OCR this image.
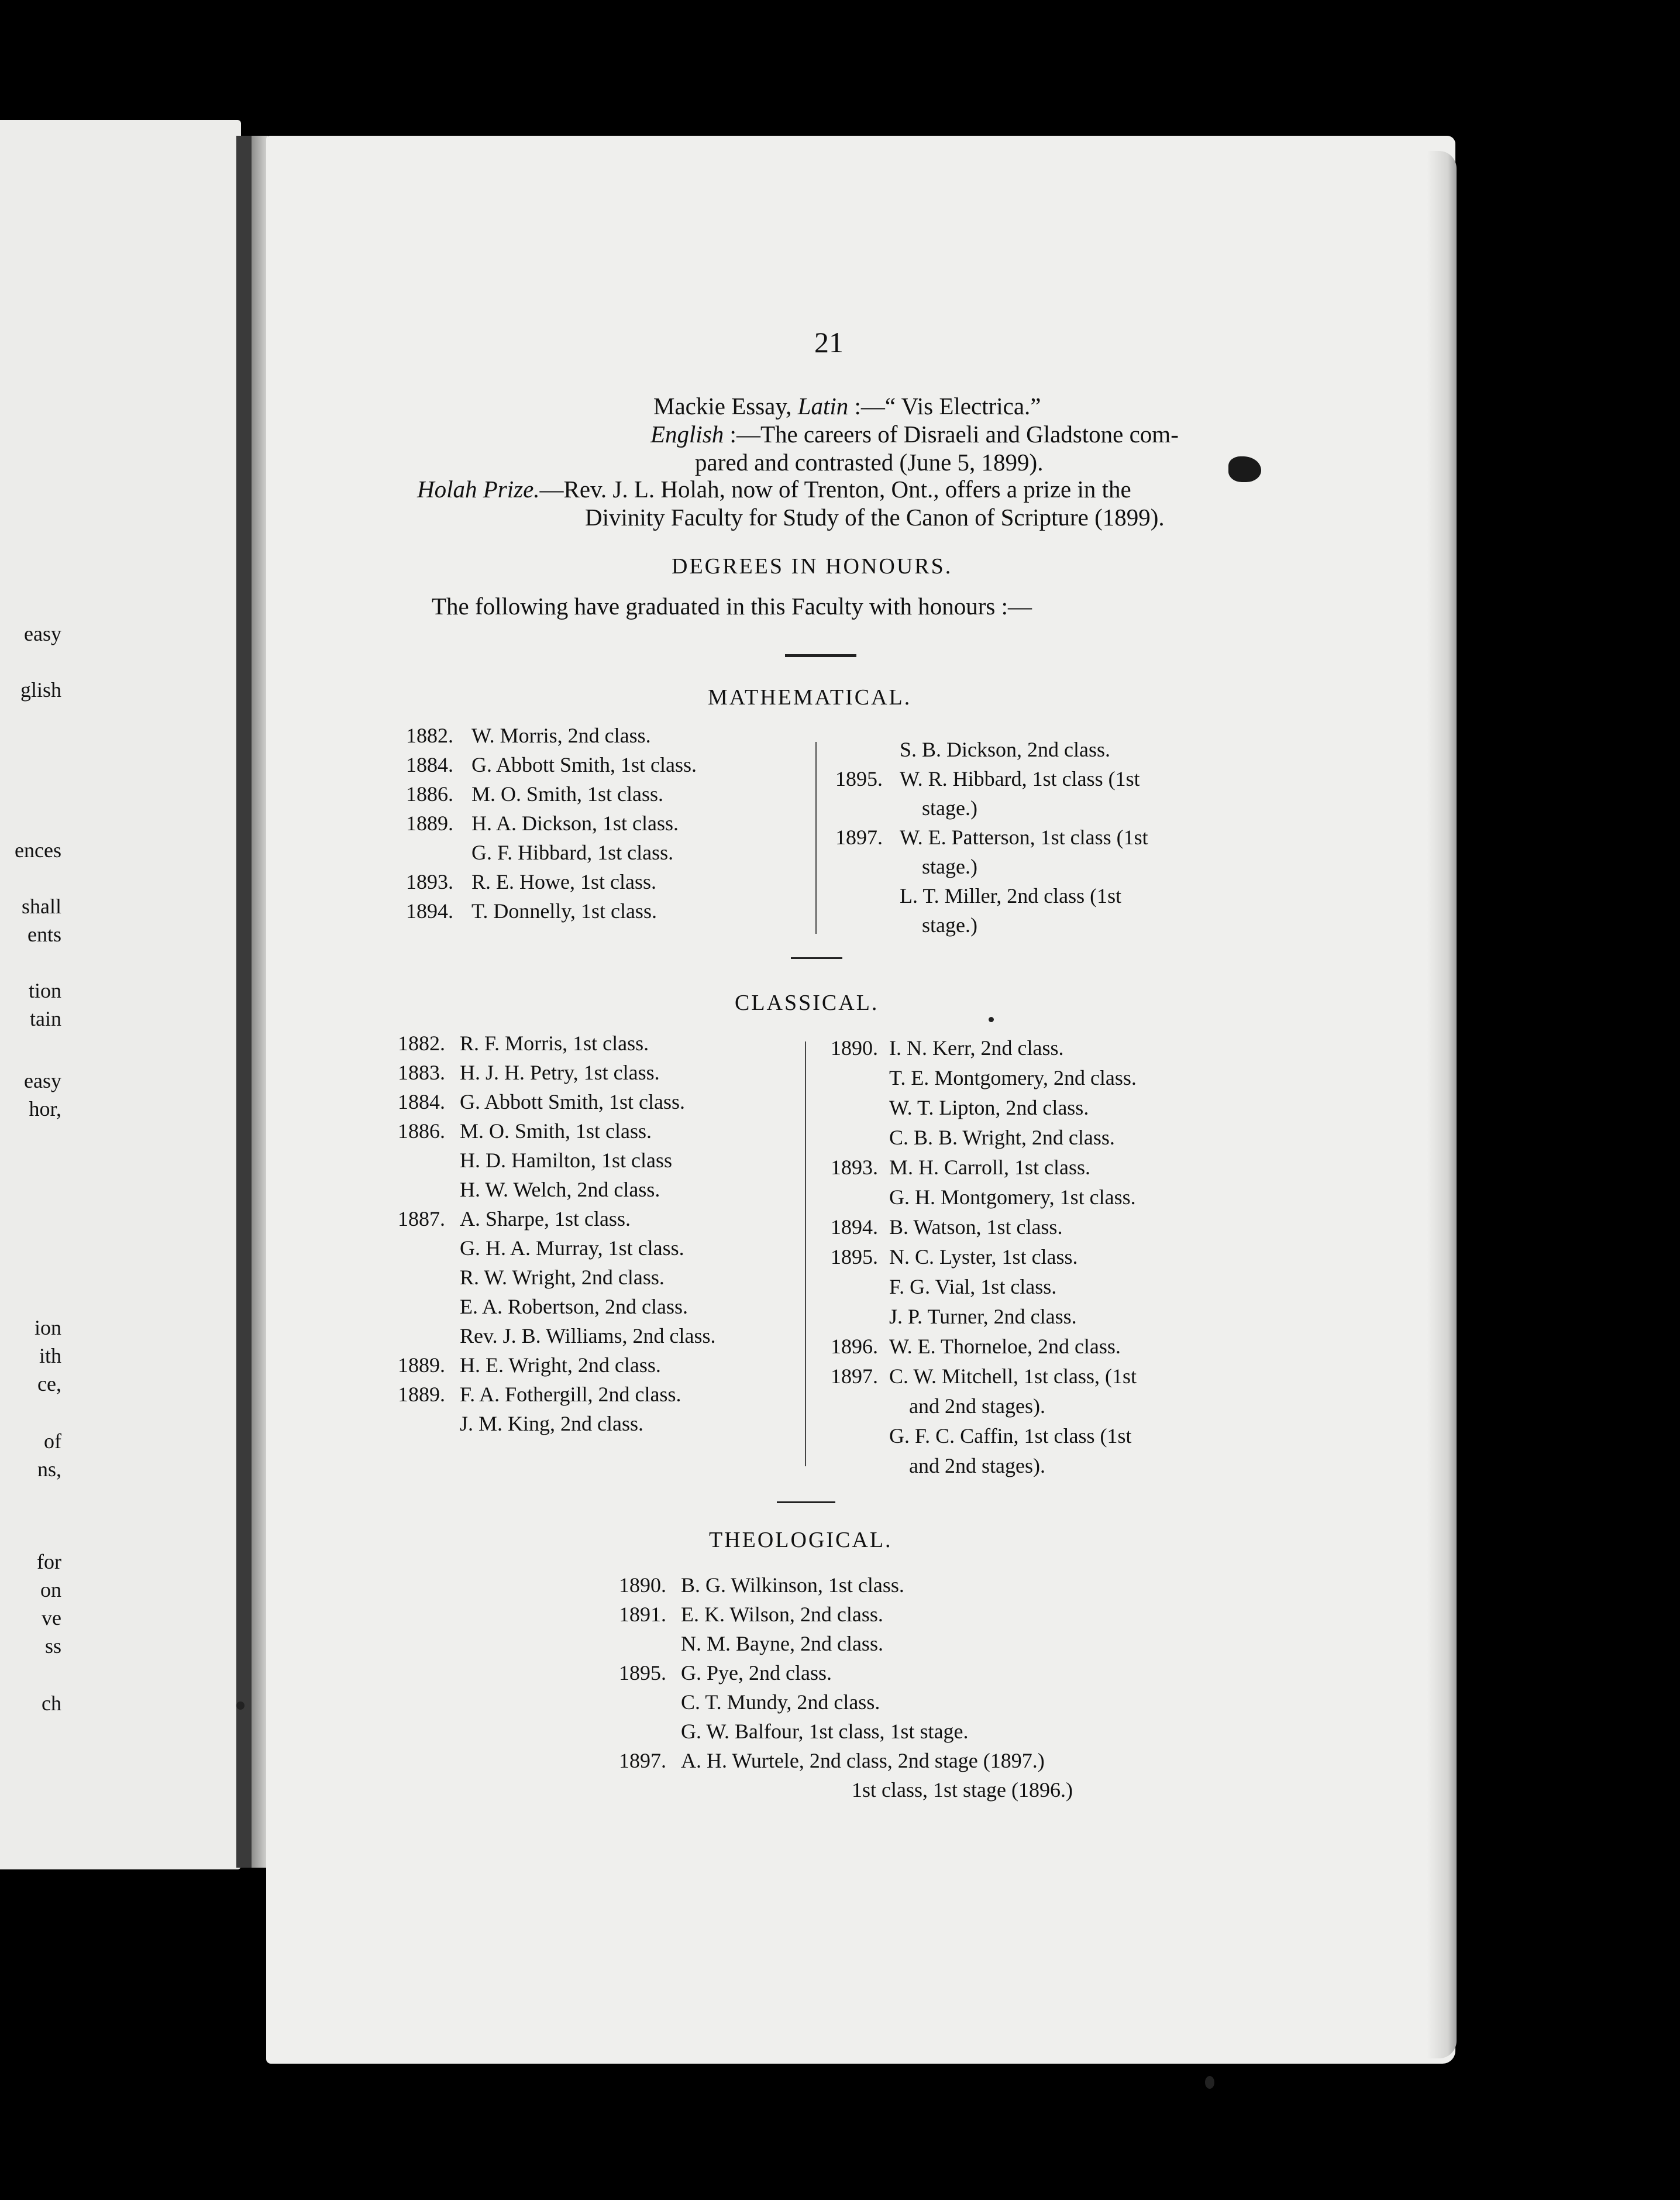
easy
glish
ences
shall
ents
tion
tain
easy
hor,
ion
ith
ce,
of
ns,
for
on
ve
ss
ch
21
Mackie Essay, Latin :—“ Vis Electrica.”
English :—The careers of Disraeli and Gladstone com-
pared and contrasted (June 5, 1899).
Holah Prize.—Rev. J. L. Holah, now of Trenton, Ont., offers a prize in the
Divinity Faculty for Study of the Canon of Scripture (1899).
DEGREES IN HONOURS.
The following have graduated in this Faculty with honours :—
MATHEMATICAL.
1882. W. Morris, 2nd class.
1884. G. Abbott Smith, 1st class.
1886. M. O. Smith, 1st class.
1889. H. A. Dickson, 1st class.
G. F. Hibbard, 1st class.
1893. R. E. Howe, 1st class.
1894. T. Donnelly, 1st class.
S. B. Dickson, 2nd class.
1895. W. R. Hibbard, 1st class (1st
stage.)
1897. W. E. Patterson, 1st class (1st
stage.)
L. T. Miller, 2nd class (1st
stage.)
CLASSICAL.
1882. R. F. Morris, 1st class.
1883. H. J. H. Petry, 1st class.
1884. G. Abbott Smith, 1st class.
1886. M. O. Smith, 1st class.
H. D. Hamilton, 1st class
H. W. Welch, 2nd class.
1887. A. Sharpe, 1st class.
G. H. A. Murray, 1st class.
R. W. Wright, 2nd class.
E. A. Robertson, 2nd class.
Rev. J. B. Williams, 2nd class.
1889. H. E. Wright, 2nd class.
1889. F. A. Fothergill, 2nd class.
J. M. King, 2nd class.
1890. I. N. Kerr, 2nd class.
T. E. Montgomery, 2nd class.
W. T. Lipton, 2nd class.
C. B. B. Wright, 2nd class.
1893. M. H. Carroll, 1st class.
G. H. Montgomery, 1st class.
1894. B. Watson, 1st class.
1895. N. C. Lyster, 1st class.
F. G. Vial, 1st class.
J. P. Turner, 2nd class.
1896. W. E. Thorneloe, 2nd class.
1897. C. W. Mitchell, 1st class, (1st
and 2nd stages).
G. F. C. Caffin, 1st class (1st
and 2nd stages).
THEOLOGICAL.
1890. B. G. Wilkinson, 1st class.
1891. E. K. Wilson, 2nd class.
N. M. Bayne, 2nd class.
1895. G. Pye, 2nd class.
C. T. Mundy, 2nd class.
G. W. Balfour, 1st class, 1st stage.
1897. A. H. Wurtele, 2nd class, 2nd stage (1897.)
1st class, 1st stage (1896.)
